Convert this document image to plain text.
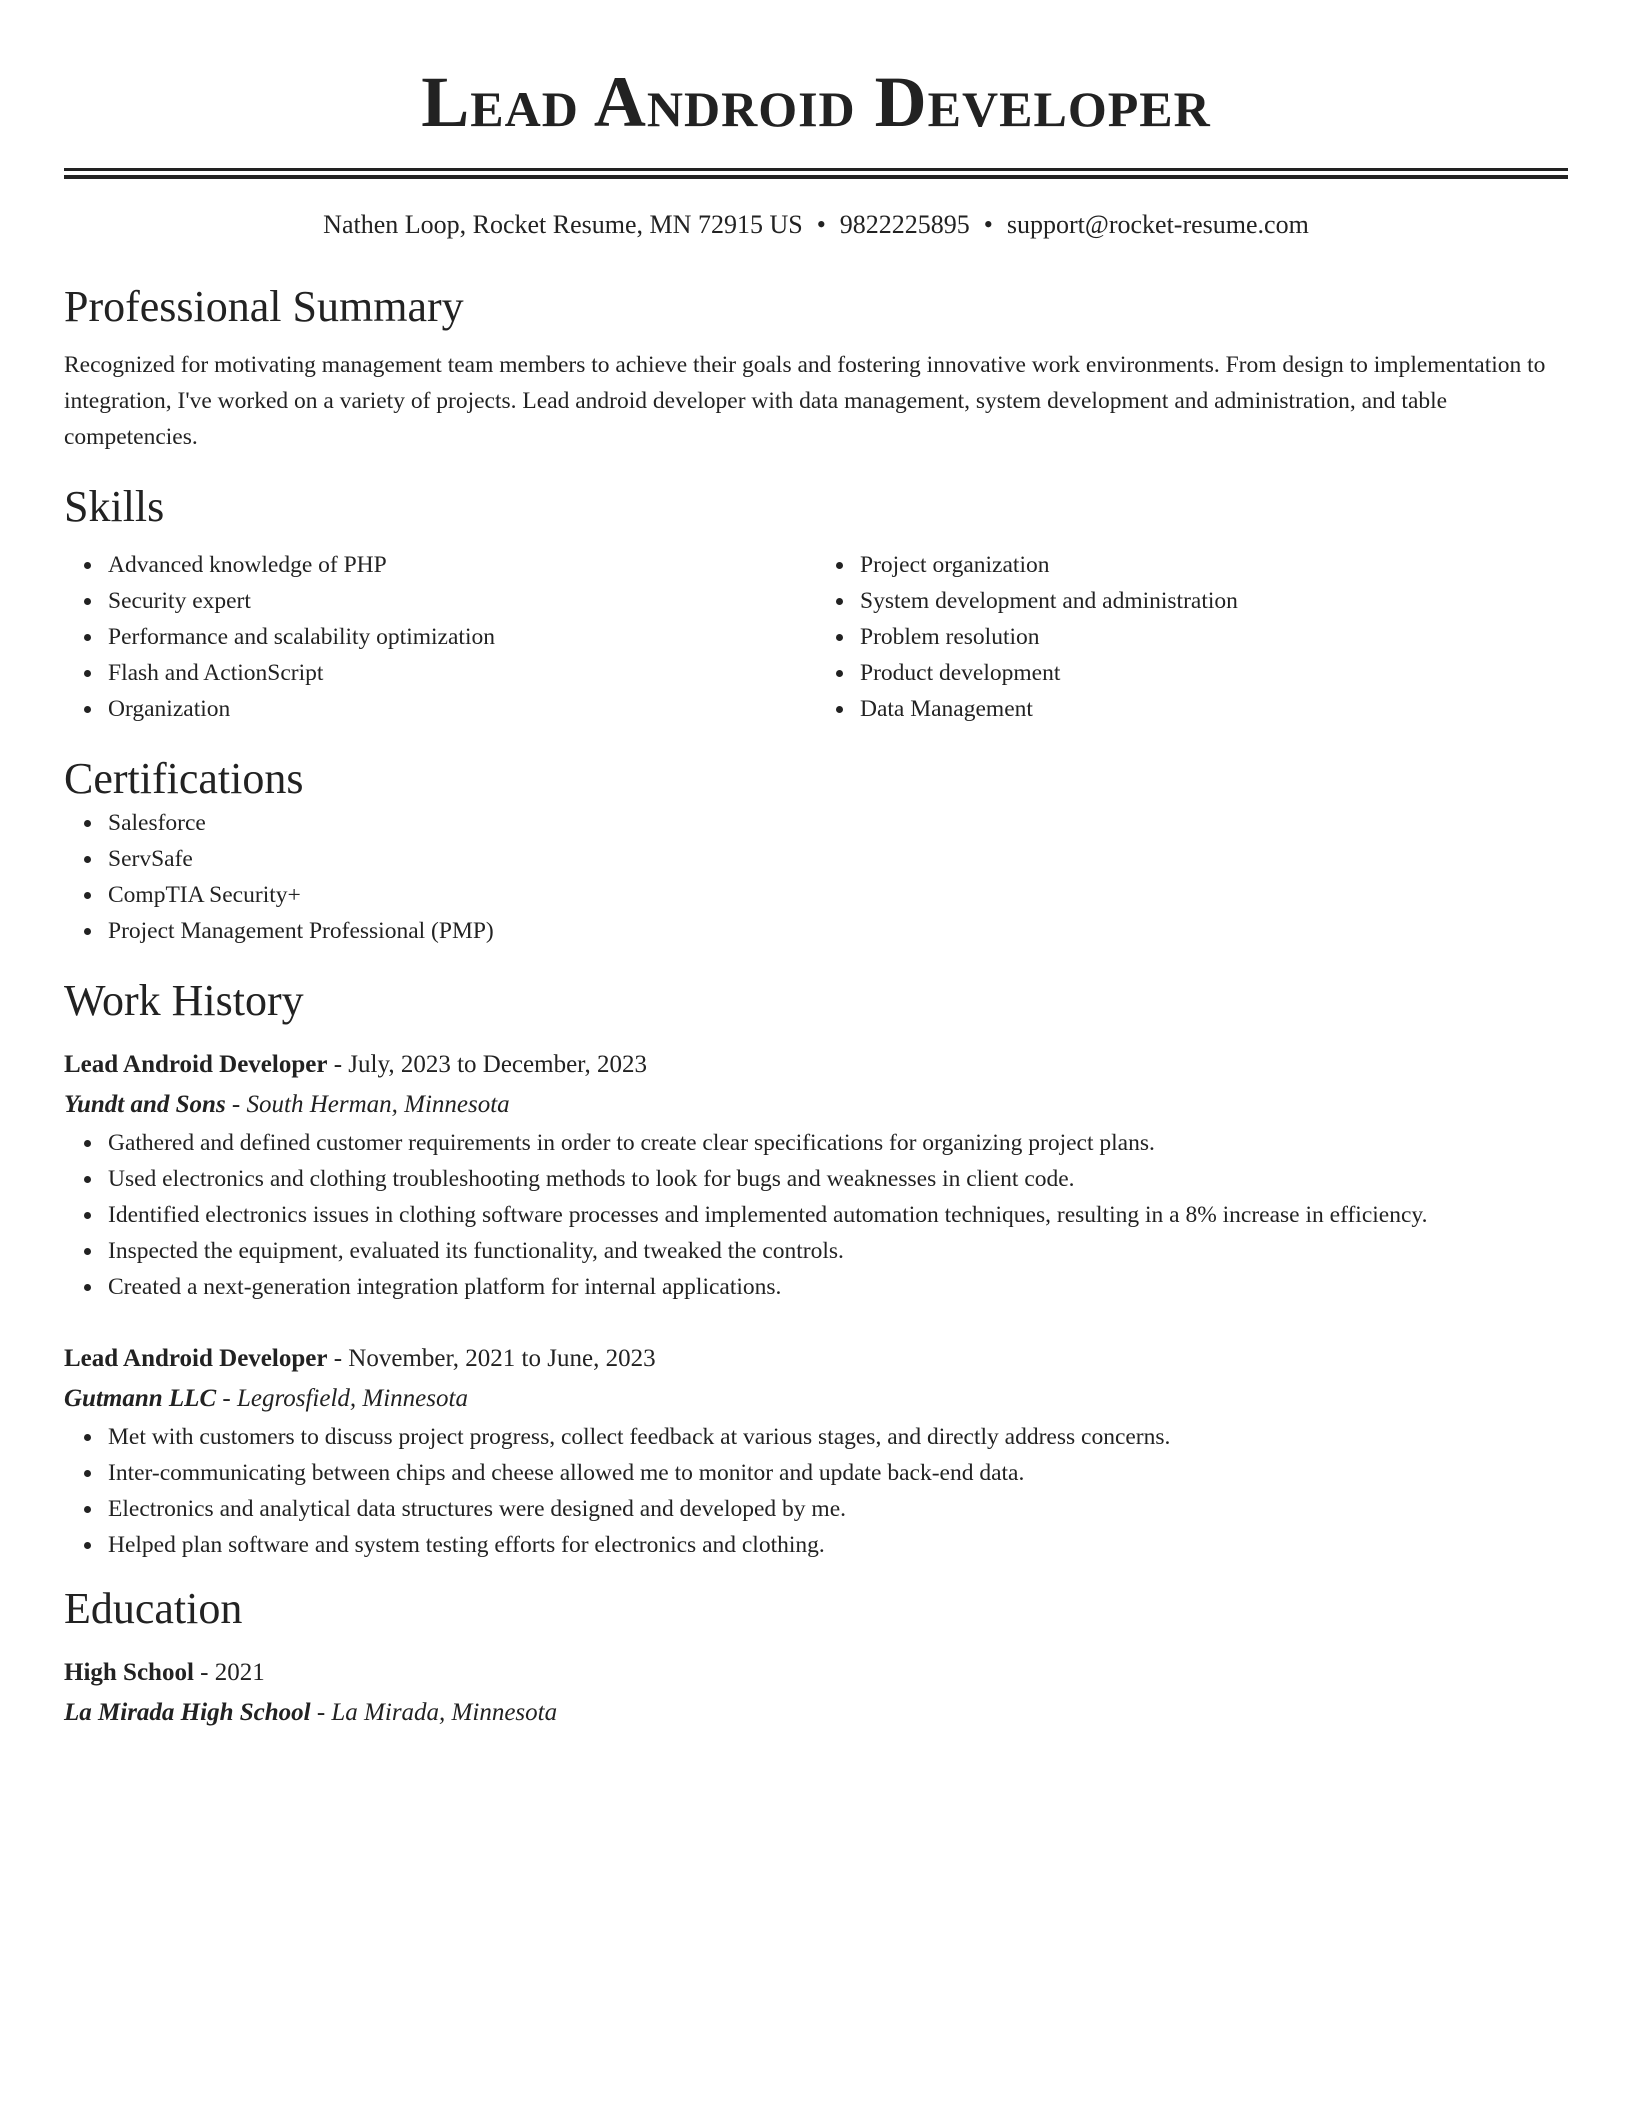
Lead Android Developer
Nathen Loop, Rocket Resume, MN 72915 US • 9822225895 • support@rocket-resume.com
Professional Summary
Recognized for motivating management team members to achieve their goals and fostering innovative work environments. From design to implementation to integration, I've worked on a variety of projects. Lead android developer with data management, system development and administration, and table competencies.
Skills
Advanced knowledge of PHP
Security expert
Performance and scalability optimization
Flash and ActionScript
Organization
Project organization
System development and administration
Problem resolution
Product development
Data Management
Certifications
Salesforce
ServSafe
CompTIA Security+
Project Management Professional (PMP)
Work History
Lead Android Developer - July, 2023 to December, 2023
Yundt and Sons - South Herman, Minnesota
Gathered and defined customer requirements in order to create clear specifications for organizing project plans.
Used electronics and clothing troubleshooting methods to look for bugs and weaknesses in client code.
Identified electronics issues in clothing software processes and implemented automation techniques, resulting in a 8% increase in efficiency.
Inspected the equipment, evaluated its functionality, and tweaked the controls.
Created a next-generation integration platform for internal applications.
Lead Android Developer - November, 2021 to June, 2023
Gutmann LLC - Legrosfield, Minnesota
Met with customers to discuss project progress, collect feedback at various stages, and directly address concerns.
Inter-communicating between chips and cheese allowed me to monitor and update back-end data.
Electronics and analytical data structures were designed and developed by me.
Helped plan software and system testing efforts for electronics and clothing.
Education
High School - 2021
La Mirada High School - La Mirada, Minnesota
